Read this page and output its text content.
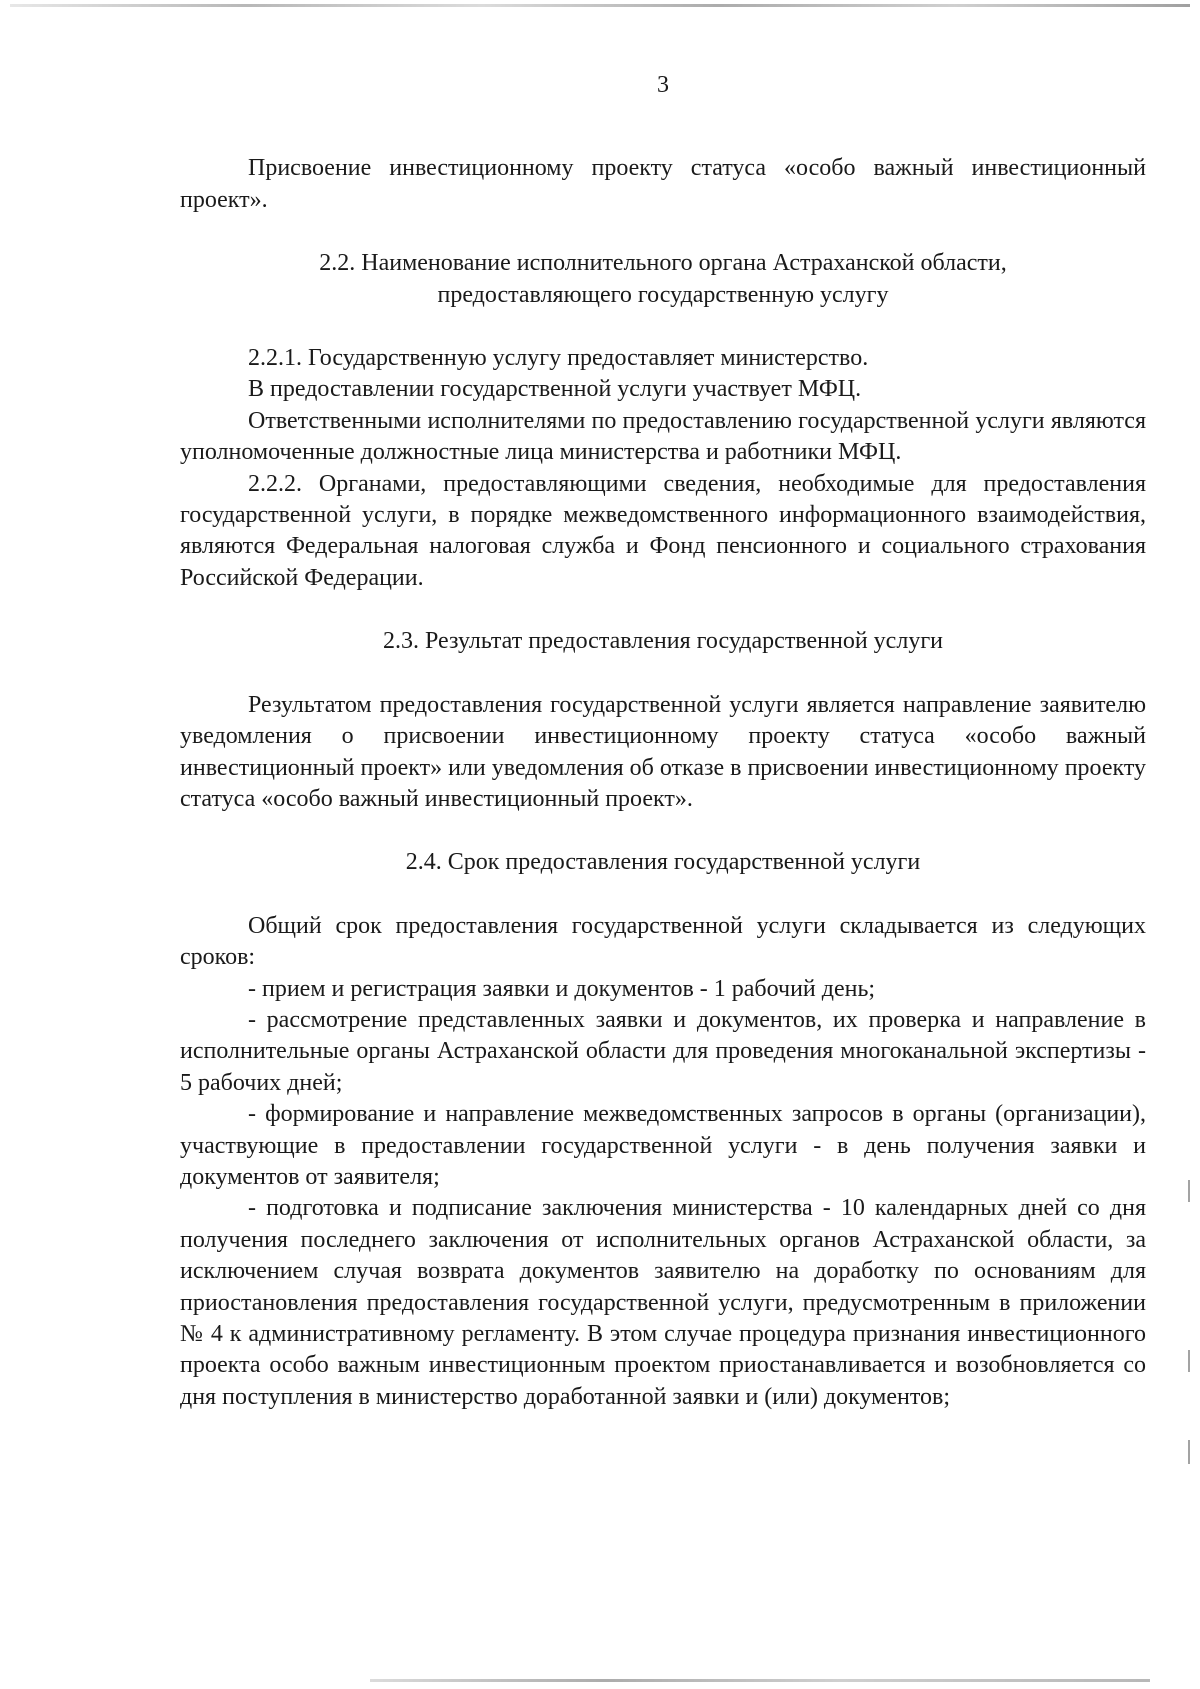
3

Присвоение инвестиционному проекту статуса «особо важный инвестиционный проект».

2.2. Наименование исполнительного органа Астраханской области,
предоставляющего государственную услугу

2.2.1. Государственную услугу предоставляет министерство.

В предоставлении государственной услуги участвует МФЦ.

Ответственными исполнителями по предоставлению государственной услуги являются уполномоченные должностные лица министерства и работники МФЦ.

2.2.2. Органами, предоставляющими сведения, необходимые для предоставления государственной услуги, в порядке межведомственного информационного взаимодействия, являются Федеральная налоговая служба и Фонд пенсионного и социального страхования Российской Федерации.

2.3. Результат предоставления государственной услуги

Результатом предоставления государственной услуги является направление заявителю уведомления о присвоении инвестиционному проекту статуса «особо важный инвестиционный проект» или уведомления об отказе в присвоении инвестиционному проекту статуса «особо важный инвестиционный проект».

2.4. Срок предоставления государственной услуги

Общий срок предоставления государственной услуги складывается из следующих сроков:

- прием и регистрация заявки и документов - 1 рабочий день;

- рассмотрение представленных заявки и документов, их проверка и направление в исполнительные органы Астраханской области для проведения многоканальной экспертизы - 5 рабочих дней;

- формирование и направление межведомственных запросов в органы (организации), участвующие в предоставлении государственной услуги - в день получения заявки и документов от заявителя;

- подготовка и подписание заключения министерства - 10 календарных дней со дня получения последнего заключения от исполнительных органов Астраханской области, за исключением случая возврата документов заявителю на доработку по основаниям для приостановления предоставления государственной услуги, предусмотренным в приложении № 4 к административному регламенту. В этом случае процедура признания инвестиционного проекта особо важным инвестиционным проектом приостанавливается и возобновляется со дня поступления в министерство доработанной заявки и (или) документов;
